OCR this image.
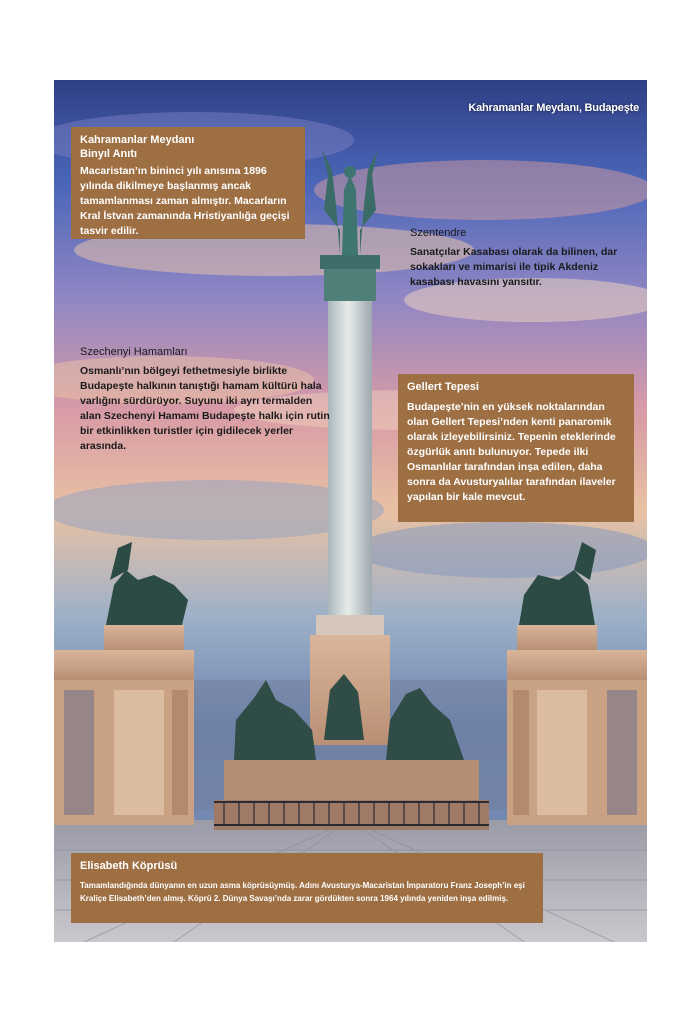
Kahramanlar Meydanı, Budapeşte
Kahramanlar Meydanı
Binyıl Anıtı

Macaristan’ın bininci yılı anısına 1896 yılında dikilmeye başlanmış ancak tamamlanması zaman almıştır. Macarların Kral İstvan zamanında Hristiyanlığa geçişi tasvir edilir.	Szentendre

Sanatçılar Kasabası olarak da bilinen, dar sokakları ve mimarisi ile tipik Akdeniz kasabası havasını yansıtır.

Szechenyi Hamamları

Osmanlı’nın bölgeyi fethetmesiyle birlikte Budapeşte halkının tanıştığı hamam kültürü hala varlığını sürdürüyor. Suyunu iki ayrı termalden alan Szechenyi Hamamı Budapeşte halkı için rutin bir etkinlikken turistler için gidilecek yerler arasında.

Gellert Tepesi

Budapeşte’nin en yüksek noktalarından olan Gellert Tepesi’nden kenti panaromik olarak izleyebilirsiniz. Tepenin eteklerinde özgürlük anıtı bulunuyor. Tepede ilki Osmanlılar tarafından inşa edilen, daha sonra da Avusturyalılar tarafından ilaveler yapılan bir kale mevcut.

Elisabeth Köprüsü

Tamamlandığında dünyanın en uzun asma köprüsüymüş. Adını Avusturya-Macaristan İmparatoru Franz Joseph’in eşi Kraliçe Elisabeth’den almış. Köprü 2. Dünya Savaşı’nda zarar gördükten sonra 1964 yılında yeniden inşa edilmiş.
